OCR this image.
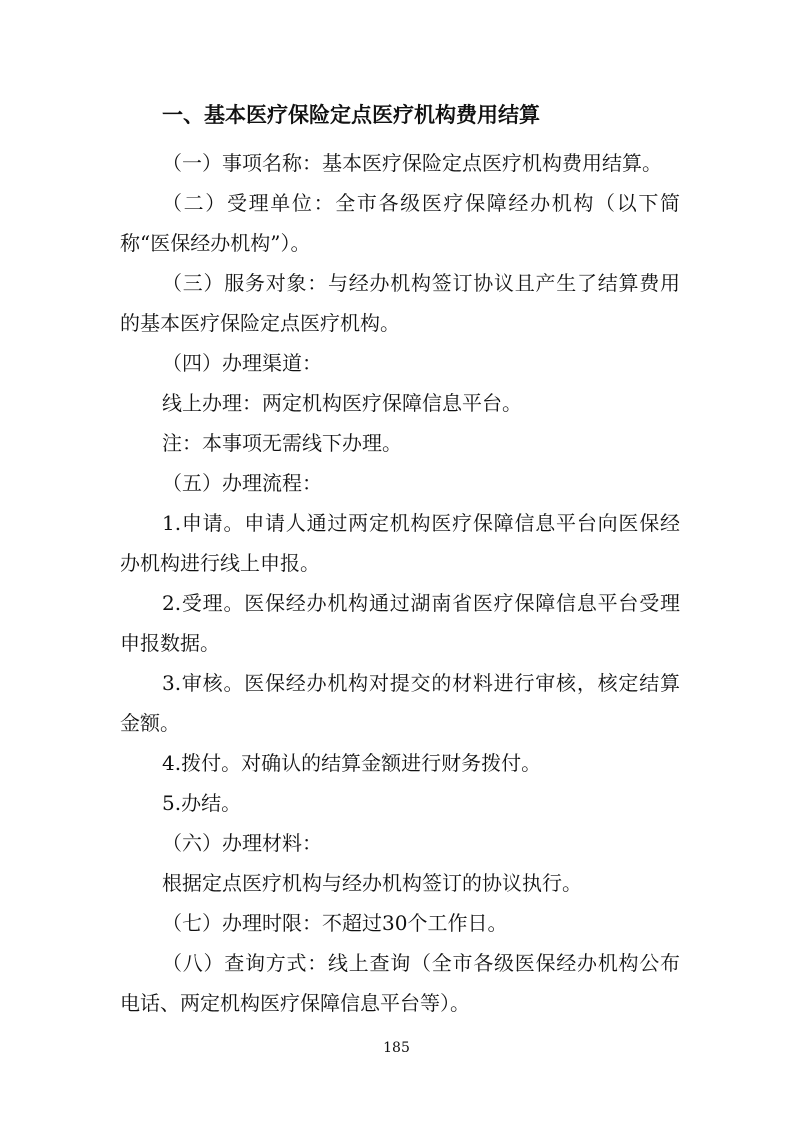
一、基本医疗保险定点医疗机构费用结算

（一）事项名称：基本医疗保险定点医疗机构费用结算。

（二）受理单位：全市各级医疗保障经办机构（以下简称“医保经办机构”）。

（三）服务对象：与经办机构签订协议且产生了结算费用的基本医疗保险定点医疗机构。

（四）办理渠道：

线上办理：两定机构医疗保障信息平台。

注：本事项无需线下办理。

（五）办理流程：

1.申请。申请人通过两定机构医疗保障信息平台向医保经办机构进行线上申报。

2.受理。医保经办机构通过湖南省医疗保障信息平台受理申报数据。

3.审核。医保经办机构对提交的材料进行审核，核定结算金额。

4.拨付。对确认的结算金额进行财务拨付。

5.办结。

（六）办理材料：

根据定点医疗机构与经办机构签订的协议执行。

（七）办理时限：不超过30个工作日。

（八）查询方式：线上查询（全市各级医保经办机构公布电话、两定机构医疗保障信息平台等）。

185
